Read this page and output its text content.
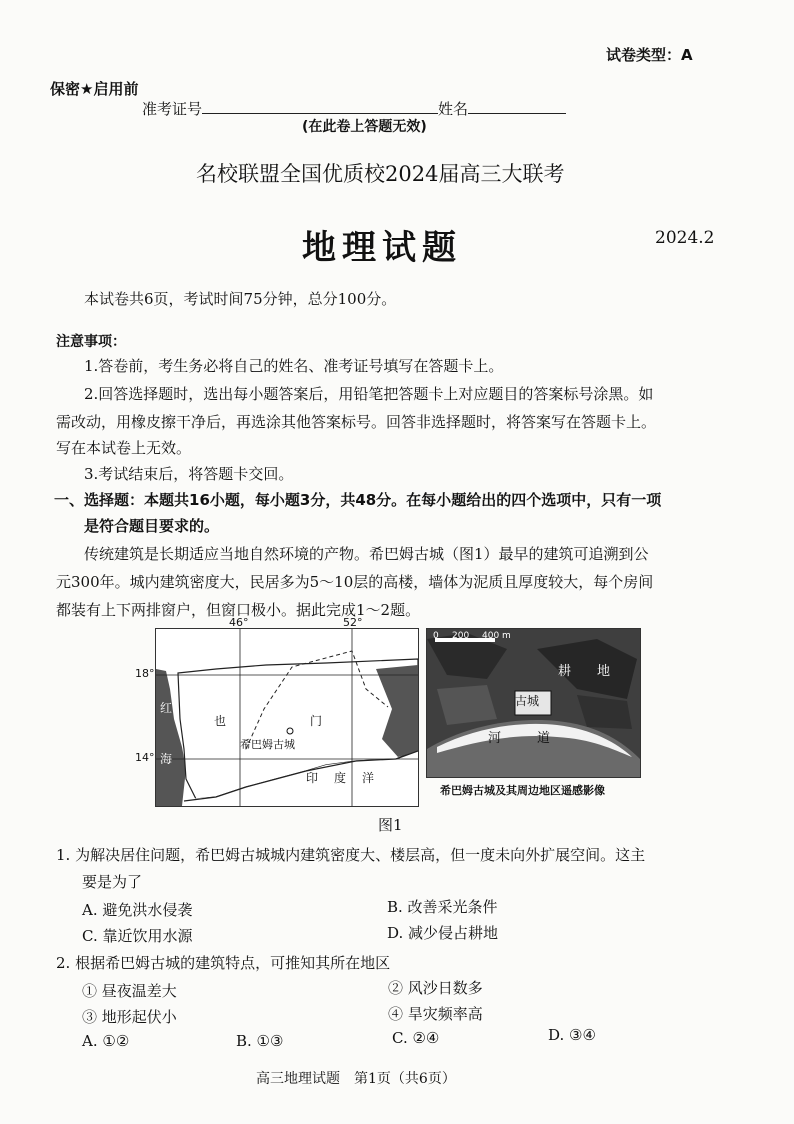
试卷类型：A
保密★启用前
准考证号	姓名
(在此卷上答题无效)
名校联盟全国优质校2024届高三大联考
地理试题	2024.2
本试卷共6页，考试时间75分钟，总分100分。
注意事项：
1.答卷前，考生务必将自己的姓名、准考证号填写在答题卡上。
2.回答选择题时，选出每小题答案后，用铅笔把答题卡上对应题目的答案标号涂黑。如
需改动，用橡皮擦干净后，再选涂其他答案标号。回答非选择题时，将答案写在答题卡上。
写在本试卷上无效。
3.考试结束后，将答题卡交回。
一、选择题：本题共16小题，每小题3分，共48分。在每小题给出的四个选项中，只有一项
是符合题目要求的。
传统建筑是长期适应当地自然环境的产物。希巴姆古城（图1）最早的建筑可追溯到公
元300年。城内建筑密度大，民居多为5～10层的高楼，墙体为泥质且厚度较大，每个房间
都装有上下两排窗户，但窗口极小。据此完成1～2题。
46°	52°
18°
14°
红
海
也	门
希巴姆古城
印 度 洋
0 200 400 m
耕 地
古城
河	道
希巴姆古城及其周边地区遥感影像
图1
1. 为解决居住问题，希巴姆古城城内建筑密度大、楼层高，但一度未向外扩展空间。这主
要是为了
A. 避免洪水侵袭	B. 改善采光条件
C. 靠近饮用水源	D. 减少侵占耕地
2. 根据希巴姆古城的建筑特点，可推知其所在地区
① 昼夜温差大	② 风沙日数多
③ 地形起伏小	④ 旱灾频率高
A. ①②	B. ①③	C. ②④	D. ③④
高三地理试题　第1页（共6页）
